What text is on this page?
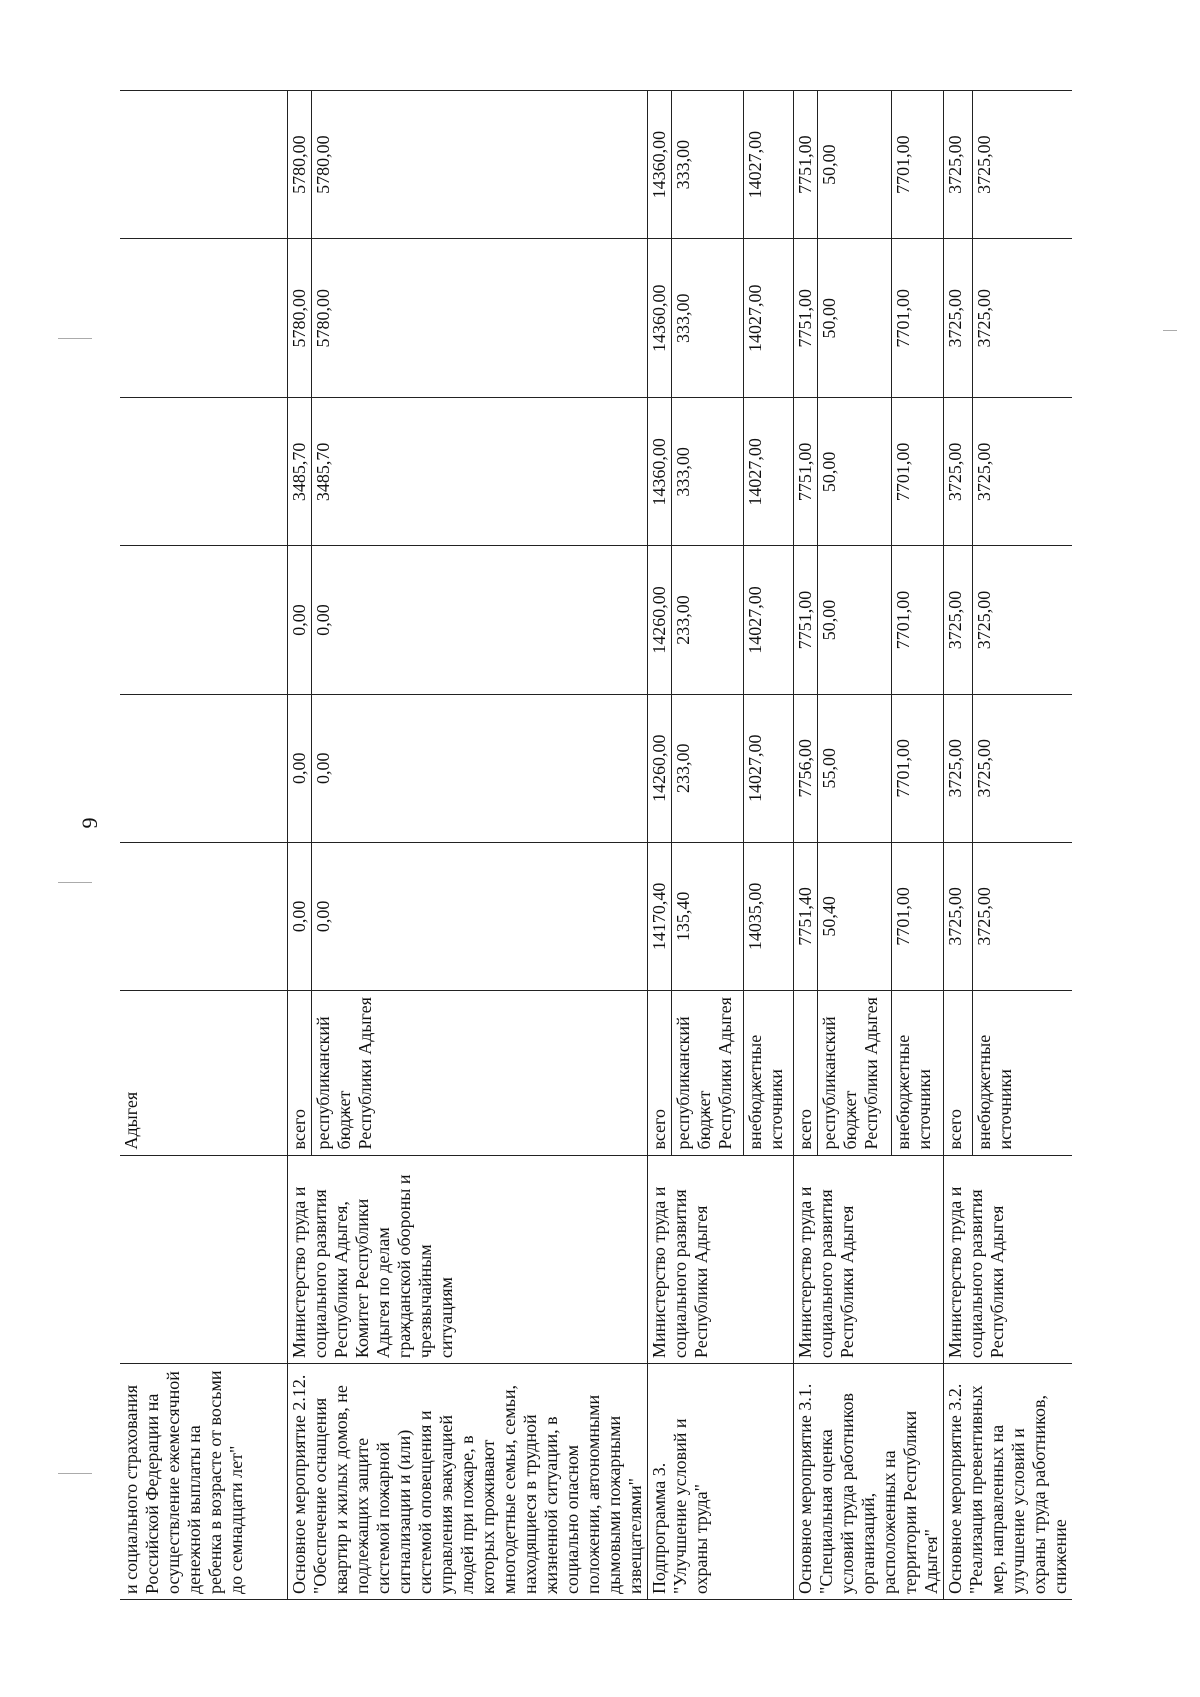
9
и социального страхования Российской Федерации на осуществление ежемесячной денежной выплаты на ребенка в возрасте от восьми до семнадцати лет"		Адыгея						
Основное мероприятие 2.12. "Обеспечение оснащения квартир и жилых домов, не подлежащих защите системой пожарной сигнализации и (или) системой оповещения и управления эвакуацией людей при пожаре, в которых проживают многодетные семьи, семьи, находящиеся в трудной жизненной ситуации, в социально опасном положении, автономными дымовыми пожарными извещателями"	Министерство труда и социального развития Республики Адыгея, Комитет Республики Адыгея по делам гражданской обороны и чрезвычайным ситуациям	всего	0,00	0,00	0,00	3485,70	5780,00	5780,00
		республиканский бюджет Республики Адыгея	0,00	0,00	0,00	3485,70	5780,00	5780,00
Подпрограмма 3. "Улучшение условий и охраны труда"	Министерство труда и социального развития Республики Адыгея	всего	14170,40	14260,00	14260,00	14360,00	14360,00	14360,00
		республиканский бюджет Республики Адыгея	135,40	233,00	233,00	333,00	333,00	333,00
		внебюджетные источники	14035,00	14027,00	14027,00	14027,00	14027,00	14027,00
Основное мероприятие 3.1. "Специальная оценка условий труда работников организаций, расположенных на территории Республики Адыгея"	Министерство труда и социального развития Республики Адыгея	всего	7751,40	7756,00	7751,00	7751,00	7751,00	7751,00
		республиканский бюджет Республики Адыгея	50,40	55,00	50,00	50,00	50,00	50,00
		внебюджетные источники	7701,00	7701,00	7701,00	7701,00	7701,00	7701,00
Основное мероприятие 3.2. "Реализация превентивных мер, направленных на улучшение условий и охраны труда работников, снижение	Министерство труда и социального развития Республики Адыгея	всего	3725,00	3725,00	3725,00	3725,00	3725,00	3725,00
		внебюджетные источники	3725,00	3725,00	3725,00	3725,00	3725,00	3725,00
